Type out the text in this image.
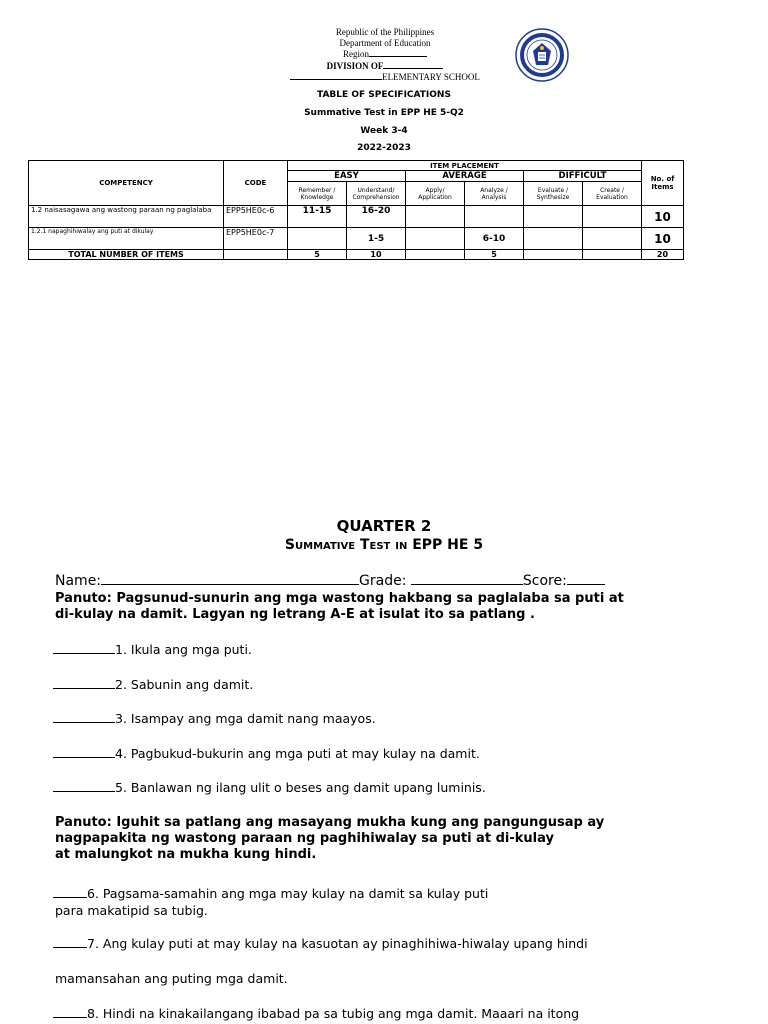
Republic of the Philippines
Department of Education
Region
DIVISION OF
ELEMENTARY SCHOOL
TABLE OF SPECIFICATIONS
Summative Test in EPP HE 5-Q2
Week 3-4
2022-2023
COMPETENCY	CODE	ITEM PLACEMENT						No. of Items
		EASY		AVERAGE		DIFFICULT		
		Remember / Knowledge	Understand/ Comprehension	Apply/ Application	Analyze / Analysis	Evaluate / Synthesize	Create / Evaluation	
1.2 naisasagawa ang wastong paraan ng paglalaba	EPP5HE0c-6	11-15	16-20					10
1.2.1 napaghihiwalay ang puti at dikulay	EPP5HE0c-7		1-5		6-10			10
TOTAL NUMBER OF ITEMS		5	10		5			20
QUARTER 2
Summative Test in EPP HE 5
Name:	Grade:	Score:
Panuto: Pagsunud-sunurin ang mga wastong hakbang sa paglalaba sa puti at
di-kulay na damit. Lagyan ng letrang A-E at isulat ito sa patlang .
1. Ikula ang mga puti.
2. Sabunin ang damit.
3. Isampay ang mga damit nang maayos.
4. Pagbukud-bukurin ang mga puti at may kulay na damit.
5. Banlawan ng ilang ulit o beses ang damit upang luminis.
Panuto: Iguhit sa patlang ang masayang mukha kung ang pangungusap ay
nagpapakita ng wastong paraan ng paghihiwalay sa puti at di-kulay
at malungkot na mukha kung hindi.
6. Pagsama-samahin ang mga may kulay na damit sa kulay puti
para makatipid sa tubig.
7. Ang kulay puti at may kulay na kasuotan ay pinaghihiwa-hiwalay upang hindi
mamansahan ang puting mga damit.
8. Hindi na kinakailangang ibabad pa sa tubig ang mga damit. Maaari na itong
